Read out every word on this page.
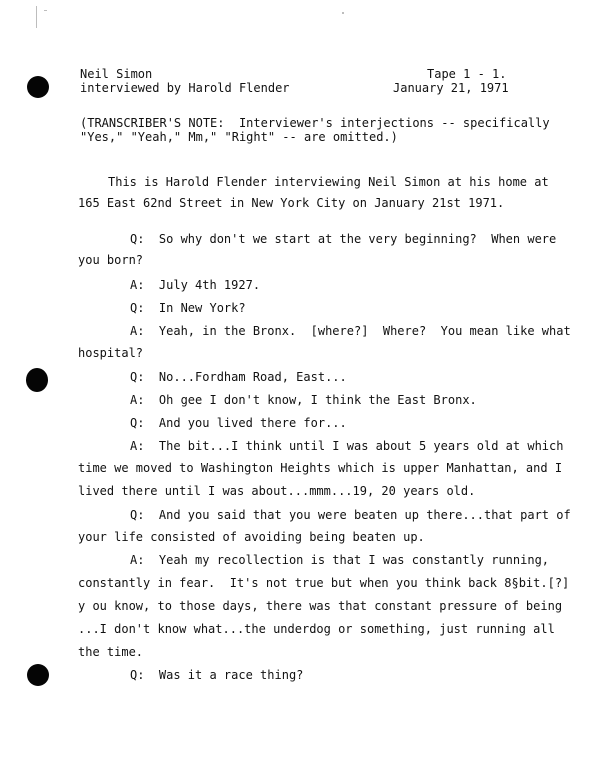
Neil Simon
interviewed by Harold Flender
Tape 1 - 1.
January 21, 1971
(TRANSCRIBER'S NOTE:  Interviewer's interjections -- specifically
"Yes," "Yeah," Mm," "Right" -- are omitted.)
This is Harold Flender interviewing Neil Simon at his home at
165 East 62nd Street in New York City on January 21st 1971.
Q:  So why don't we start at the very beginning?  When were
you born?
A:  July 4th 1927.
Q:  In New York?
A:  Yeah, in the Bronx.  [where?]  Where?  You mean like what
hospital?
Q:  No...Fordham Road, East...
A:  Oh gee I don't know, I think the East Bronx.
Q:  And you lived there for...
A:  The bit...I think until I was about 5 years old at which
time we moved to Washington Heights which is upper Manhattan, and I
lived there until I was about...mmm...19, 20 years old.
Q:  And you said that you were beaten up there...that part of
your life consisted of avoiding being beaten up.
A:  Yeah my recollection is that I was constantly running,
constantly in fear.  It's not true but when you think back 8§bit.[?]
y ou know, to those days, there was that constant pressure of being
...I don't know what...the underdog or something, just running all
the time.
Q:  Was it a race thing?
